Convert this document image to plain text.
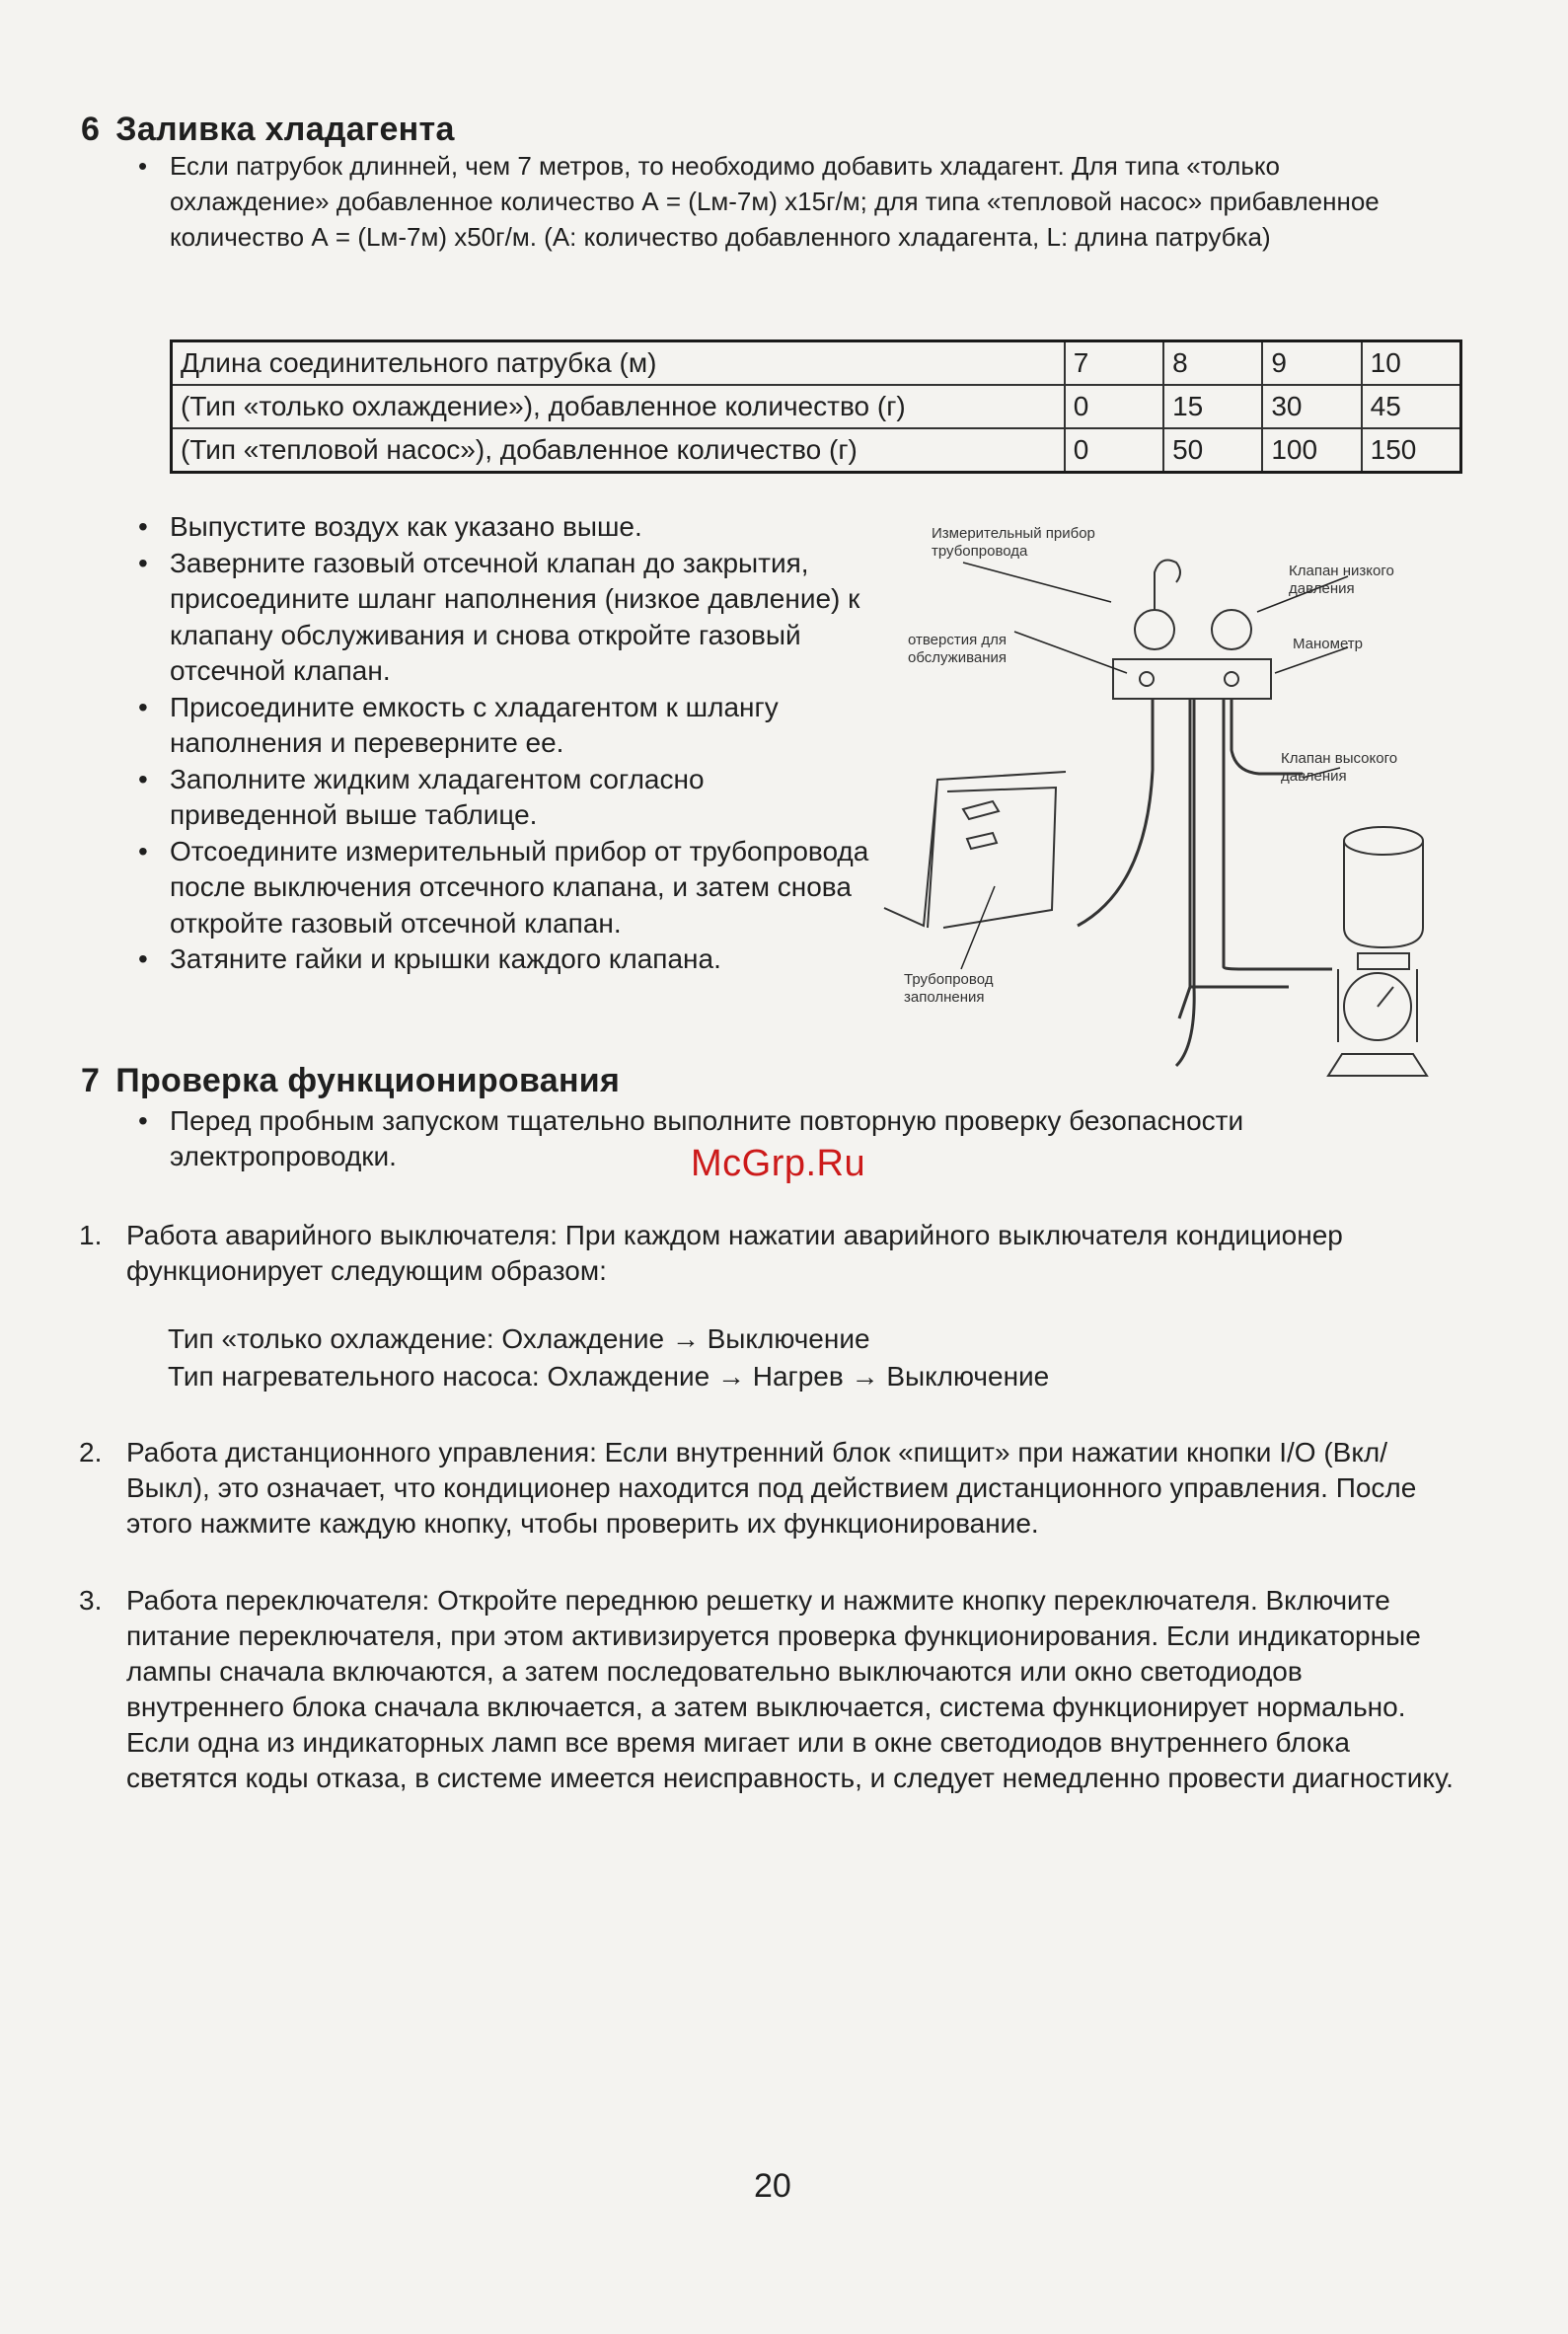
6 Заливка хладагента
• Если патрубок длинней, чем 7 метров, то необходимо добавить хладагент. Для типа «только охлаждение» добавленное количество А = (Lм-7м) х15г/м; для типа «тепловой насос» прибавленное количество А = (Lм-7м) х50г/м. (А: количество добавленного хладагента, L: длина патрубка)
Длина соединительного патрубка (м)	7	8	9	10
(Тип «только охлаждение»), добавленное количество (г)	0	15	30	45
(Тип «тепловой насос»), добавленное количество (г)	0	50	100	150
• Выпустите воздух как указано выше.
• Заверните газовый отсечной клапан до закрытия, присоедините шланг наполнения (низкое давление) к клапану обслуживания и снова откройте газовый отсечной клапан.
• Присоедините емкость с хладагентом к шлангу наполнения и переверните ее.
• Заполните жидким хладагентом согласно приведенной выше таблице.
• Отсоедините измерительный прибор от трубопровода после выключения отсечного клапана, и затем снова откройте газовый отсечной клапан.
• Затяните гайки и крышки каждого клапана.
Измерительный прибор трубопровода
Клапан низкого давления
отверстия для обслуживания
Манометр
Клапан высокого давления
Трубопровод заполнения
7 Проверка функционирования
• Перед пробным запуском тщательно выполните повторную проверку безопасности электропроводки.	McGrp.Ru
1. Работа аварийного выключателя: При каждом нажатии аварийного выключателя кондиционер функционирует следующим образом:
Тип «только охлаждение: Охлаждение → Выключение
Тип нагревательного насоса: Охлаждение → Нагрев → Выключение
2. Работа дистанционного управления: Если внутренний блок «пищит» при нажатии кнопки I/O (Вкл/Выкл), это означает, что кондиционер находится под действием дистанционного управления. После этого нажмите каждую кнопку, чтобы проверить их функционирование.
3. Работа переключателя: Откройте переднюю решетку и нажмите кнопку переключателя. Включите питание переключателя, при этом активизируется проверка функционирования. Если индикаторные лампы сначала включаются, а затем последовательно выключаются или окно светодиодов внутреннего блока сначала включается, а затем выключается, система функционирует нормально. Если одна из индикаторных ламп все время мигает или в окне светодиодов внутреннего блока светятся коды отказа, в системе имеется неисправность, и следует немедленно провести диагностику.
20
